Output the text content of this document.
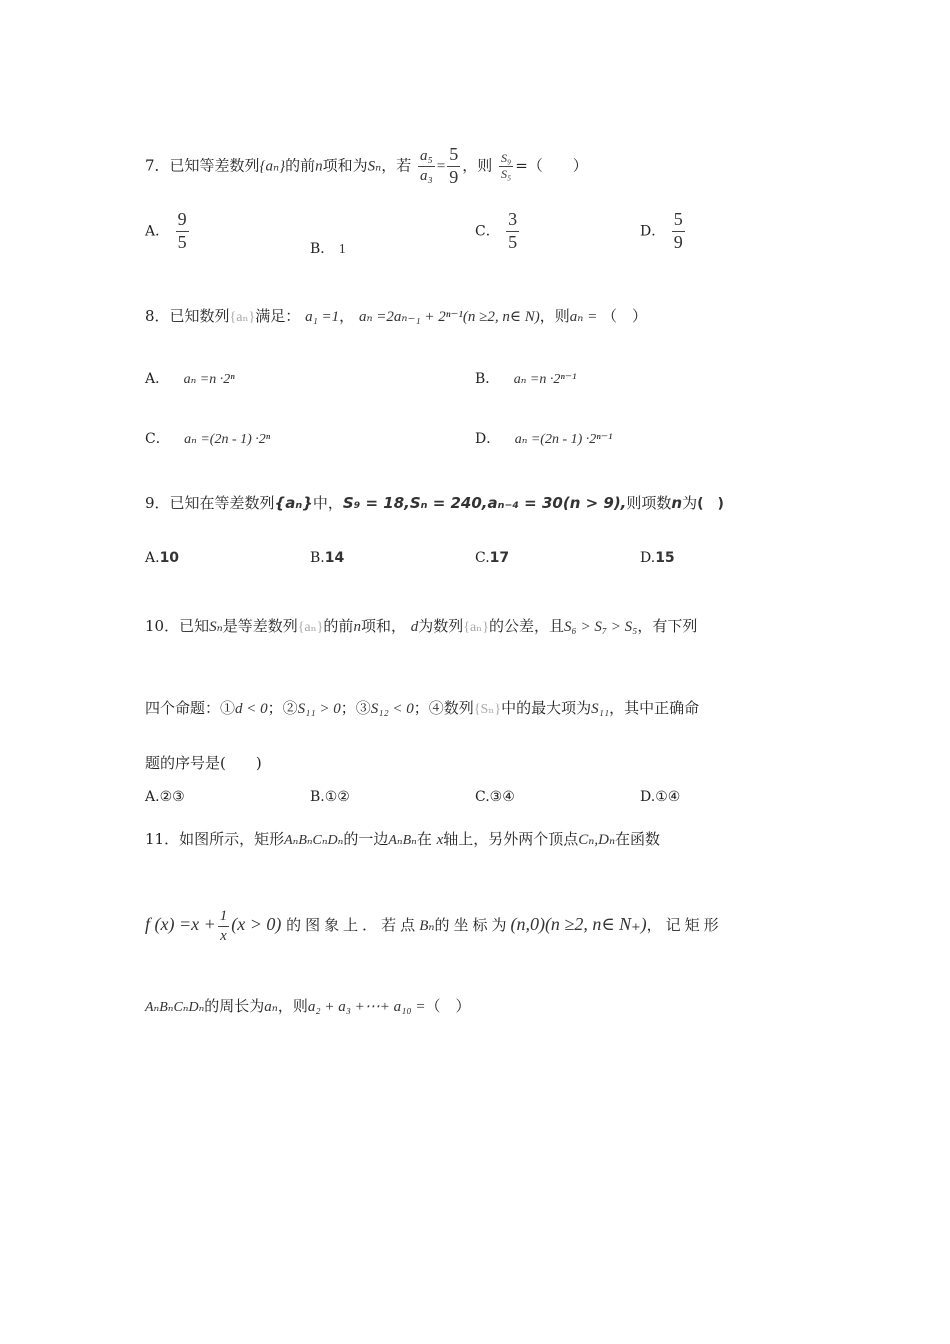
7．已知等差数列{aₙ}的前n项和为Sₙ，若 $\frac{\text{a₅}}{\text{a₃}} = \frac{5}{9}$ ，则 $\frac{\text{S₉}}{\text{S₅}}$ =（　　）
A． $\frac{9}{5}$	B． 1
C． $\frac{3}{5}$	D． $\frac{5}{9}$
8．已知数列{aₙ}满足： a₁ =1， aₙ =2aₙ₋₁ + 2ⁿ⁻¹(n ≥2, n∈ N)，则aₙ = （　）
A． aₙ =n ·2ⁿ	B． aₙ =n ·2ⁿ⁻¹
C． aₙ =(2n - 1) ·2ⁿ	D． aₙ =(2n - 1) ·2ⁿ⁻¹
9．已知在等差数列{aₙ}中，S₉ = 18,Sₙ = 240,aₙ₋₄ = 30(n > 9),则项数n为(　)
A.10	B.14	C.17	D.15
10．已知Sₙ是等差数列{aₙ}的前n项和， d为数列{aₙ}的公差，且S₆ > S₇ > S₅，有下列
四个命题：①d < 0；②S₁₁ > 0；③S₁₂ < 0；④数列{Sₙ}中的最大项为S₁₁，其中正确命
题的序号是(　　)
A.②③	B.①②	C.③④	D.①④
11．如图所示，矩形AₙBₙCₙDₙ的一边AₙBₙ在 x轴上，另外两个顶点Cₙ,Dₙ在函数
f $(x) =x + \frac{1}{x} (x > 0)$ 的图象上．若点Bₙ的坐标为(n,0)(n ≥2, n∈ N₊)，记矩形
AₙBₙCₙDₙ的周长为aₙ，则a₂ + a₃ +⋯+ a₁₀ =（　）
